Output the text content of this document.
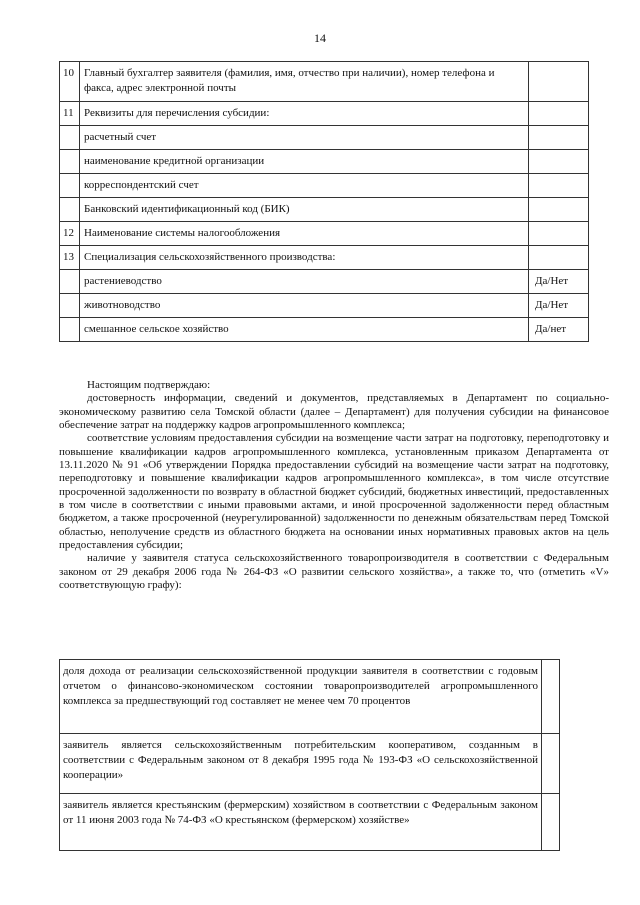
14
10	Главный бухгалтер заявителя (фамилия, имя, отчество при наличии), номер телефона и факса, адрес электронной почты	
11	Реквизиты для перечисления субсидии:	
	расчетный счет	
	наименование кредитной организации	
	корреспондентский счет	
	Банковский идентификационный код (БИК)	
12	Наименование системы налогообложения	
13	Специализация сельскохозяйственного производства:	
	растениеводство	Да/Нет
	животноводство	Да/Нет
	смешанное сельское хозяйство	Да/нет

Настоящим подтверждаю:

достоверность информации, сведений и документов, представляемых в Департамент по социально-экономическому развитию села Томской области (далее – Департамент) для получения субсидии на финансовое обеспечение затрат на поддержку кадров агропромышленного комплекса;

соответствие условиям предоставления субсидии на возмещение части затрат на подготовку, переподготовку и повышение квалификации кадров агропромышленного комплекса, установленным приказом Департамента от 13.11.2020 № 91 «Об утверждении Порядка предоставлении субсидий на возмещение части затрат на подготовку, переподготовку и повышение квалификации кадров агропромышленного комплекса», в том числе отсутствие просроченной задолженности по возврату в областной бюджет субсидий, бюджетных инвестиций, предоставленных в том числе в соответствии с иными правовыми актами, и иной просроченной задолженности перед областным бюджетом, а также просроченной (неурегулированной) задолженности по денежным обязательствам перед Томской областью, неполучение средств из областного бюджета на основании иных нормативных правовых актов на цель предоставления субсидии;

наличие у заявителя статуса сельскохозяйственного товаропроизводителя в соответствии с Федеральным законом от 29 декабря 2006 года № 264-ФЗ «О развитии сельского хозяйства», а также то, что (отметить «V» соответствующую графу):

доля дохода от реализации сельскохозяйственной продукции заявителя в соответствии с годовым отчетом о финансово-экономическом состоянии товаропроизводителей агропромышленного комплекса за предшествующий год составляет не менее чем 70 процентов	
заявитель является сельскохозяйственным потребительским кооперативом, созданным в соответствии с Федеральным законом от 8 декабря 1995 года № 193-ФЗ «О сельскохозяйственной кооперации»	
заявитель является крестьянским (фермерским) хозяйством в соответствии с Федеральным законом от 11 июня 2003 года № 74-ФЗ «О крестьянском (фермерском) хозяйстве»	
